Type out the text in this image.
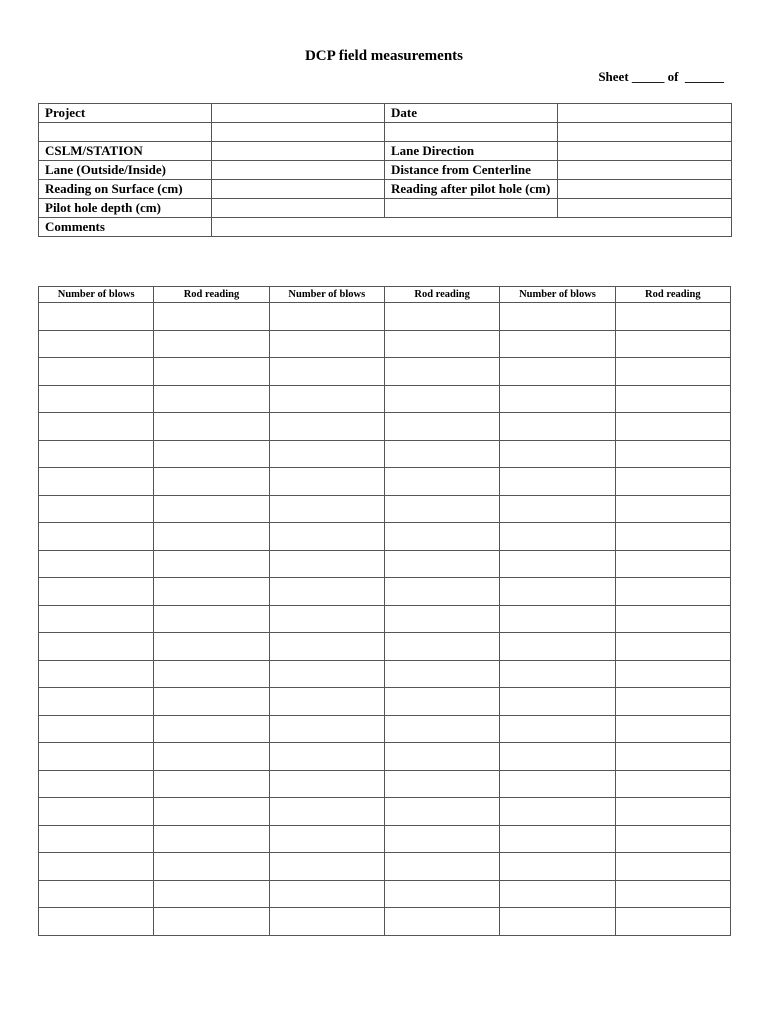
DCP field measurements
Sheet _____ of  ______
Project		Date	

CSLM/STATION		Lane Direction	
Lane (Outside/Inside)		Distance from Centerline	
Reading on Surface (cm)		Reading after pilot hole (cm)	
Pilot hole depth (cm)			
Comments			
Number of blows	Rod reading	Number of blows	Rod reading	Number of blows	Rod reading
